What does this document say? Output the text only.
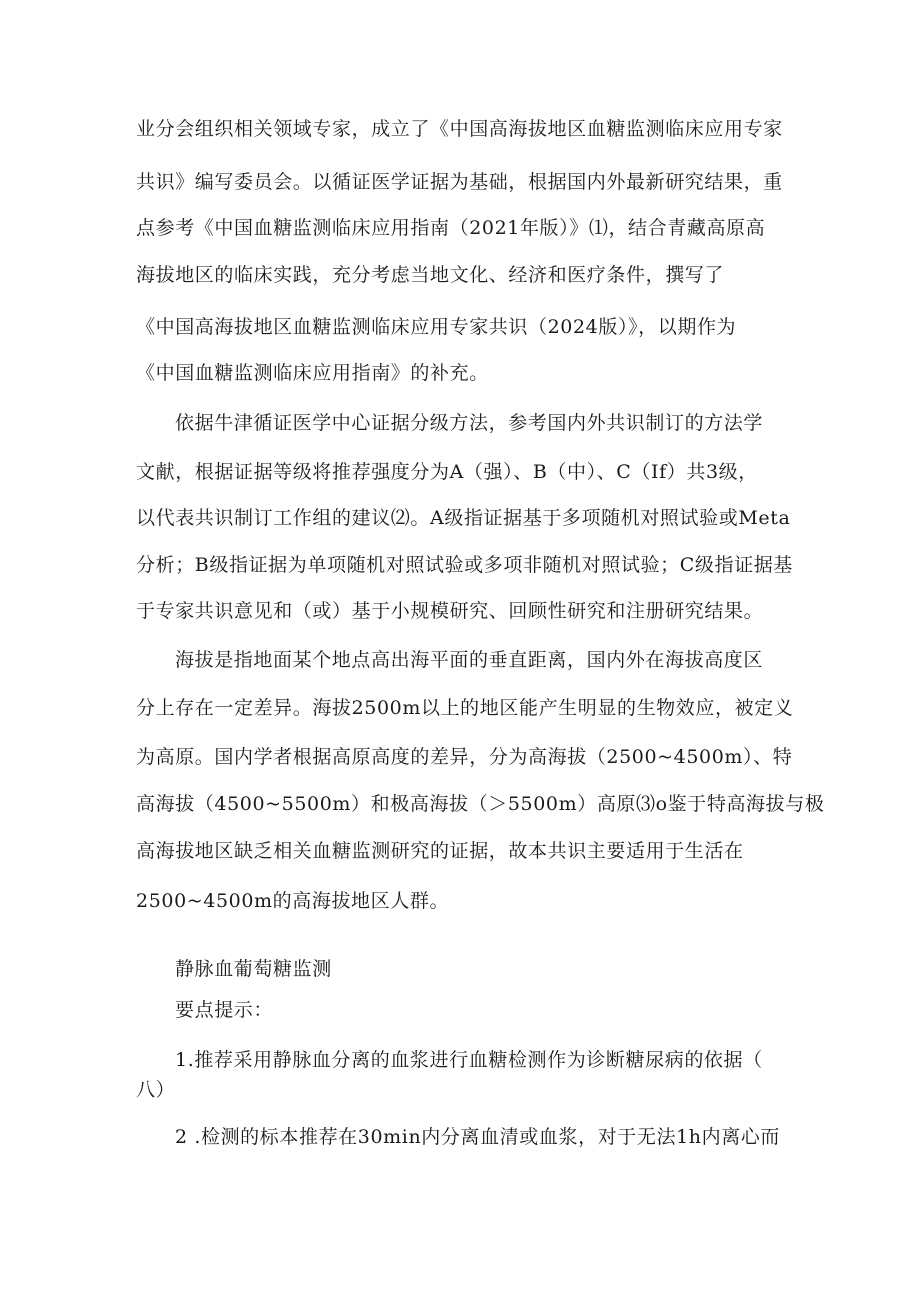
业分会组织相关领域专家，成立了《中国高海拔地区血糖监测临床应用专家
共识》编写委员会。以循证医学证据为基础，根据国内外最新研究结果，重
点参考《中国血糖监测临床应用指南（2021年版）》⑴，结合青藏高原高
海拔地区的临床实践，充分考虑当地文化、经济和医疗条件，撰写了
《中国高海拔地区血糖监测临床应用专家共识（2024版）》，以期作为
《中国血糖监测临床应用指南》的补充。
依据牛津循证医学中心证据分级方法，参考国内外共识制订的方法学
文献，根据证据等级将推荐强度分为A（强）、B（中）、C（If）共3级，
以代表共识制订工作组的建议⑵。A级指证据基于多项随机对照试验或Meta
分析；B级指证据为单项随机对照试验或多项非随机对照试验；C级指证据基
于专家共识意见和（或）基于小规模研究、回顾性研究和注册研究结果。
海拔是指地面某个地点高出海平面的垂直距离，国内外在海拔高度区
分上存在一定差异。海拔2500m以上的地区能产生明显的生物效应，被定义
为高原。国内学者根据高原高度的差异，分为高海拔（2500~4500m）、特
高海拔（4500~5500m）和极高海拔（＞5500m）高原⑶o鉴于特高海拔与极
高海拔地区缺乏相关血糖监测研究的证据，故本共识主要适用于生活在
2500~4500m的高海拔地区人群。
静脉血葡萄糖监测
要点提示：
1.推荐采用静脉血分离的血浆进行血糖检测作为诊断糖尿病的依据（
八）
2 .检测的标本推荐在30min内分离血清或血浆，对于无法1h内离心而
